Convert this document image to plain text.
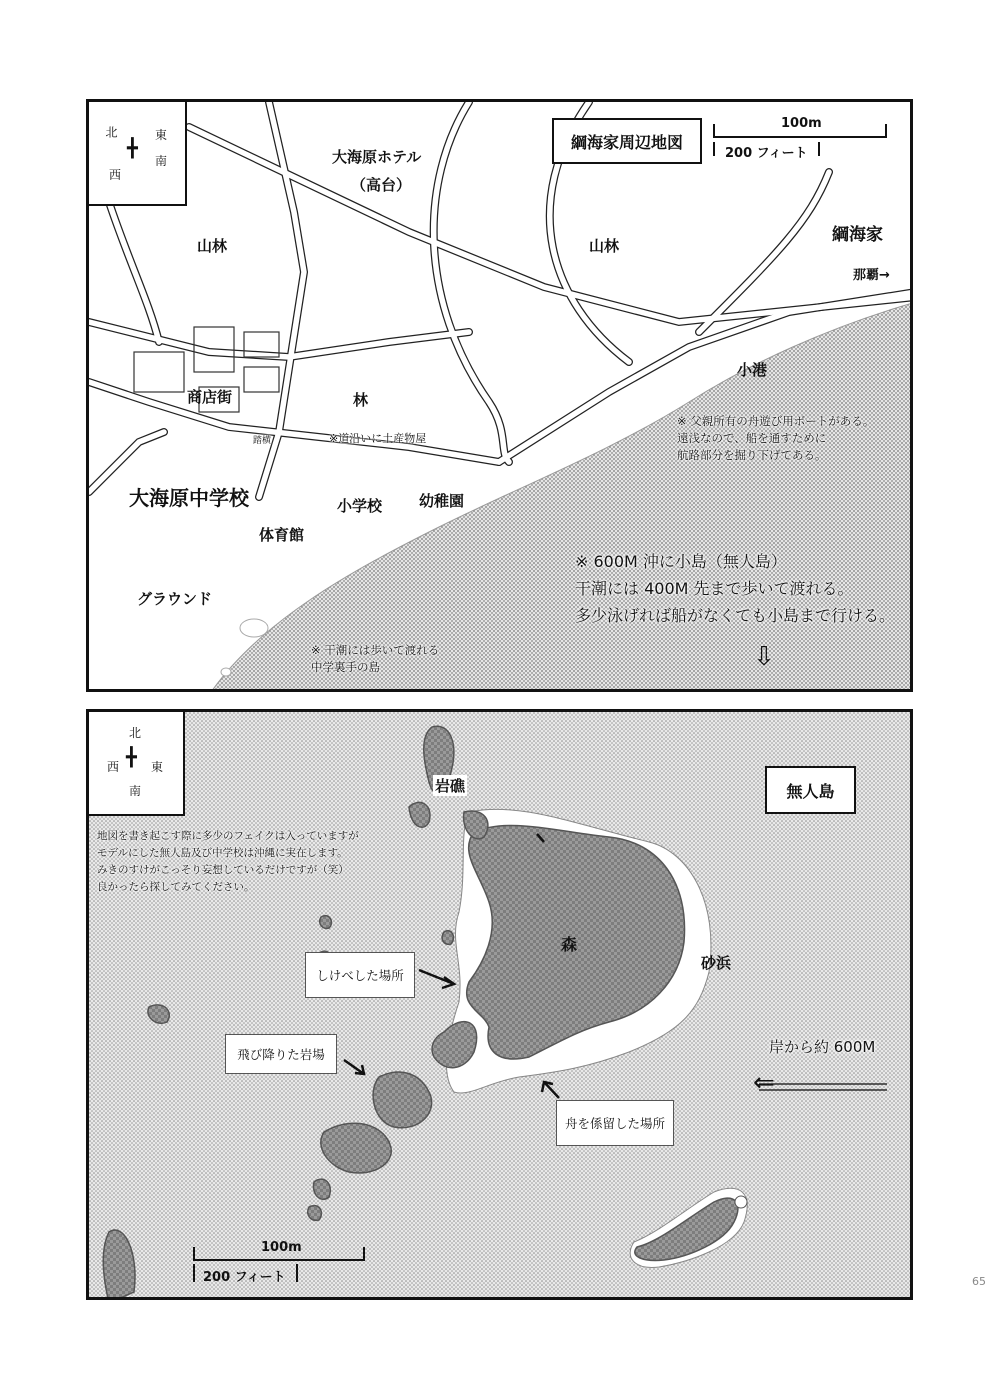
北	東
南
西
╋	綱海家周辺地図
100m
200 フィート
大海原ホテル
（高台）
山林	山林
綱海家
那覇→
小港
商店街	林
※道沿いに土産物屋
踏横
大海原中学校	小学校 幼稚園
体育館
グラウンド
※ 父親所有の舟遊び用ボートがある。
遠浅なので、船を通すために
航路部分を掘り下げてある。
※ 600M 沖に小島（無人島）
干潮には 400M 先まで歩いて渡れる。
多少泳げれば船がなくても小島まで行ける。
※ 干潮には歩いて渡れる
中学裏手の島	⇩
北
東
南
西 ╋
無人島
地図を書き起こす際に多少のフェイクは入っていますが
モデルにした無人島及び中学校は沖縄に実在します。
みきのすけがこっそり妄想しているだけですが（笑）
良かったら探してみてください。
岩礁
森
砂浜
岸から約 600M
⇐
しけべした場所
飛び降りた岩場
舟を係留した場所
100m
200 フィート	65
